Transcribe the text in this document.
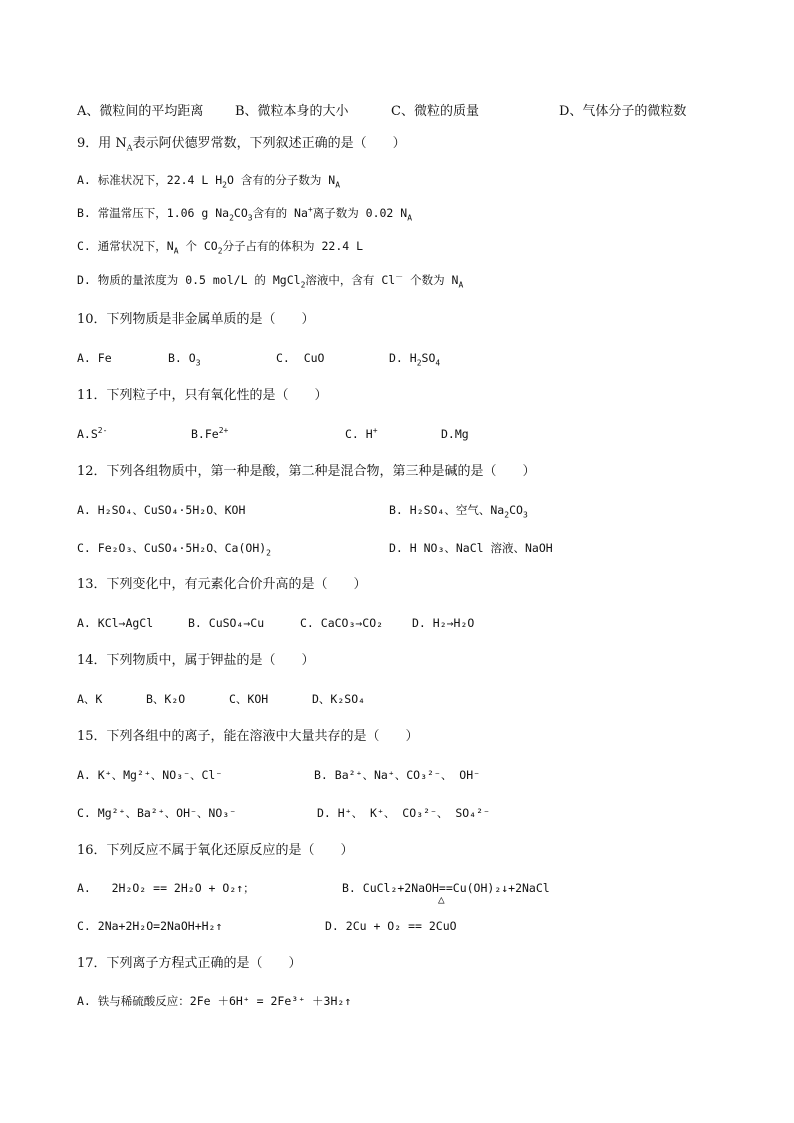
A、微粒间的平均距离 B、微粒本身的大小	C、微粒的质量	D、气体分子的微粒数
9．用 $N_A$表示阿伏德罗常数，下列叙述正确的是（　　）
A. 标准状况下，22.4 L $H_2O$ 含有的分子数为 $N_A$
B. 常温常压下，1.06 g $Na_2CO_3$含有的 Na+离子数为 0.02 $N_A$
C. 通常状况下，$N_A$ 个 $CO_2$分子占有的体积为 22.4 L
D. 物质的量浓度为 0.5 mol/L 的 MgCl$_2$溶液中，含有 Cl－ 个数为 $N_A$
10．下列物质是非金属单质的是（　　）
A. Fe	B. $O_3$	C.  CuO	D. $H_2SO_4$
11．下列粒子中，只有氧化性的是（　　）
$A.S^{2-}$	$B.Fe^{2+}$	C. H+	D.Mg
12．下列各组物质中，第一种是酸，第二种是混合物，第三种是碱的是（　　）
A. H₂SO₄、CuSO₄·5H₂O、KOH	B. H₂SO₄、空气、$Na_2CO_3$
C. Fe₂O₃、CuSO₄·5H₂O、$Ca(OH)_2$	D. H NO₃、NaCl 溶液、NaOH
13．下列变化中，有元素化合价升高的是（　　）
A. KCl→AgCl	B. CuSO₄→Cu	C. CaCO₃→CO₂	D. H₂→H₂O
14．下列物质中，属于钾盐的是（　　）
A、K	B、K₂O	C、KOH	D、K₂SO₄
15．下列各组中的离子，能在溶液中大量共存的是（　　）
A. K⁺、Mg²⁺、NO₃⁻、Cl⁻	B. Ba²⁺、Na⁺、CO₃²⁻、 OH⁻
C. Mg²⁺、Ba²⁺、OH⁻、NO₃⁻	D. H⁺、 K⁺、 CO₃²⁻、 SO₄²⁻
16．下列反应不属于氧化还原反应的是（　　）
A.   2H₂O₂ == 2H₂O + O₂↑；	B. CuCl₂+2NaOH==Cu(OH)₂↓+2NaCl
△
C. 2Na+2H₂O=2NaOH+H₂↑	D. 2Cu + O₂ == 2CuO
17．下列离子方程式正确的是（　　）
A. 铁与稀硫酸反应：2Fe ＋6H⁺ = 2Fe³⁺ ＋3H₂↑
